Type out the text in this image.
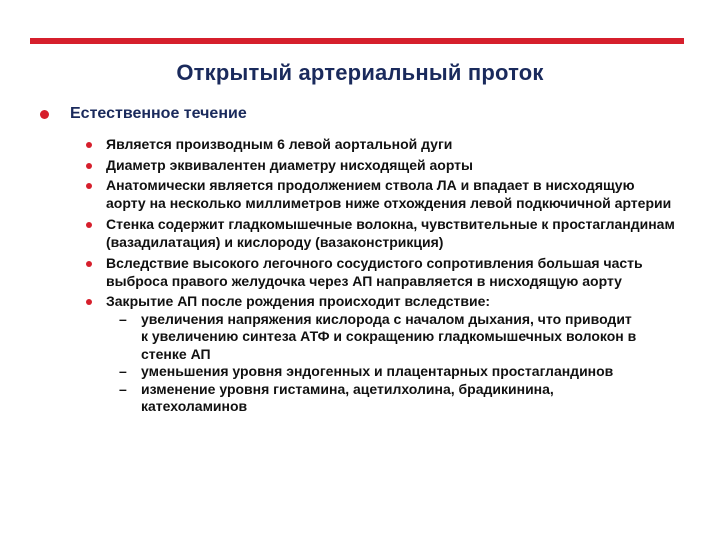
Открытый артериальный проток
Естественное течение
Является производным 6 левой аортальной дуги
Диаметр эквивалентен диаметру нисходящей аорты
Анатомически является продолжением ствола ЛА и впадает в нисходящую аорту на несколько миллиметров ниже отхождения левой подкючичной артерии
Стенка содержит гладкомышечные волокна, чувствительные к простагландинам (вазадилатация) и кислороду (вазаконстрикция)
Вследствие высокого легочного сосудистого сопротивления большая часть выброса правого желудочка через АП направляется в нисходящую аорту
Закрытие АП после рождения происходит вследствие:
–	увеличения напряжения кислорода с началом дыхания, что приводит к увеличению синтеза АТФ и сокращению гладкомышечных волокон в стенке АП
–	уменьшения уровня эндогенных и плацентарных простагландинов
–	изменение уровня гистамина, ацетилхолина, брадикинина, катехоламинов
